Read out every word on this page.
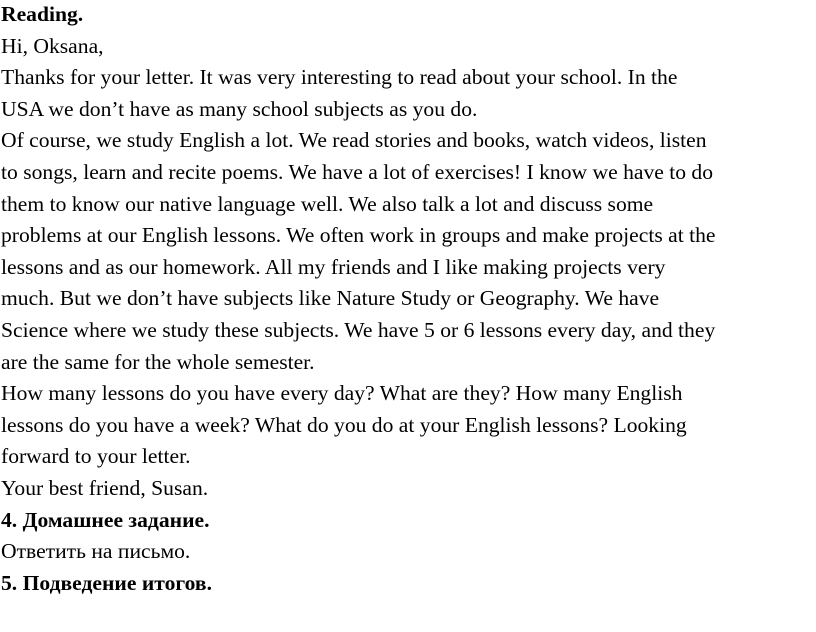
Reading.
Hi, Oksana,
Thanks for your letter. It was very interesting to read about your school. In the
USA we don’t have as many school subjects as you do.
Of course, we study English a lot. We read stories and books, watch videos, listen
to songs, learn and recite poems. We have a lot of exercises! I know we have to do
them to know our native language well. We also talk a lot and discuss some
problems at our English lessons. We often work in groups and make projects at the
lessons and as our homework. All my friends and I like making projects very
much. But we don’t have subjects like Nature Study or Geography. We have
Science where we study these subjects. We have 5 or 6 lessons every day, and they
are the same for the whole semester.
How many lessons do you have every day? What are they? How many English
lessons do you have a week? What do you do at your English lessons? Looking
forward to your letter.
Your best friend, Susan.
4. Домашнее задание.
Ответить на письмо.
5. Подведение итогов.
